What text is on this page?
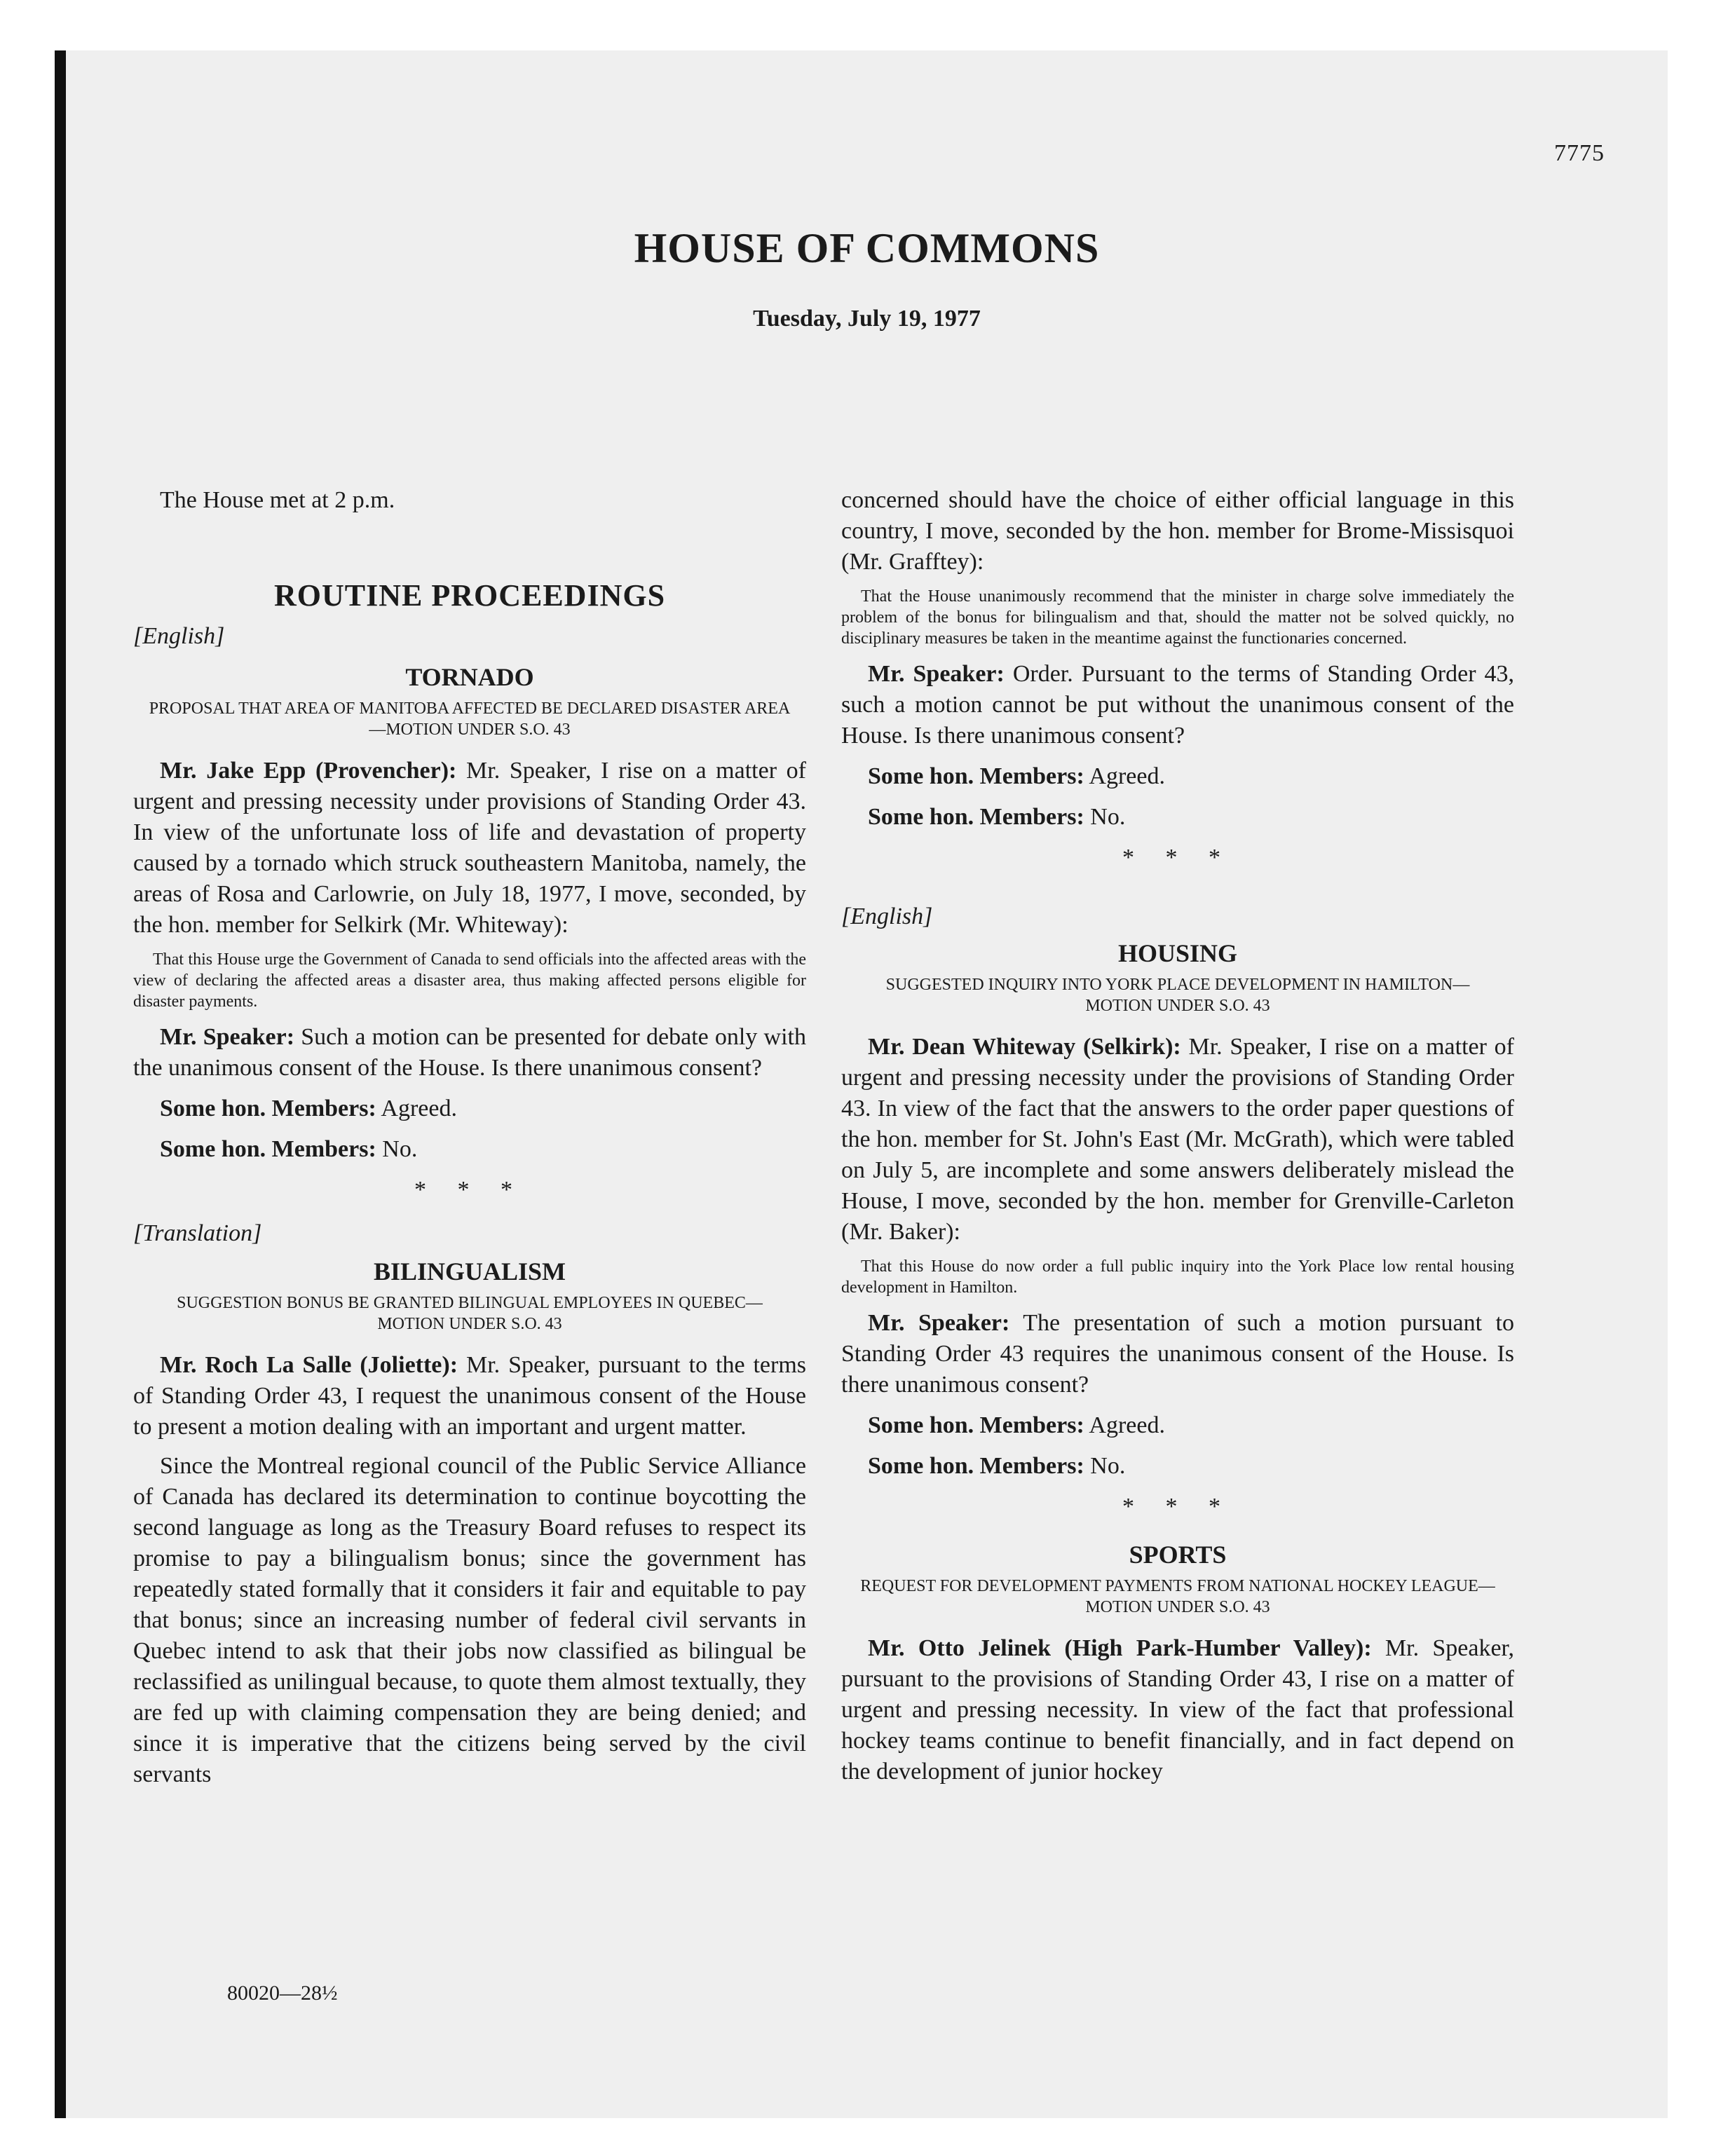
7775
HOUSE OF COMMONS
Tuesday, July 19, 1977

The House met at 2 p.m.

ROUTINE PROCEEDINGS

[English]

TORNADO

PROPOSAL THAT AREA OF MANITOBA AFFECTED BE DECLARED DISASTER AREA—MOTION UNDER S.O. 43

Mr. Jake Epp (Provencher): Mr. Speaker, I rise on a matter of urgent and pressing necessity under provisions of Standing Order 43. In view of the unfortunate loss of life and devastation of property caused by a tornado which struck southeastern Manitoba, namely, the areas of Rosa and Carlowrie, on July 18, 1977, I move, seconded, by the hon. member for Selkirk (Mr. Whiteway):

That this House urge the Government of Canada to send officials into the affected areas with the view of declaring the affected areas a disaster area, thus making affected persons eligible for disaster payments.

Mr. Speaker: Such a motion can be presented for debate only with the unanimous consent of the House. Is there unanimous consent?

Some hon. Members: Agreed.

Some hon. Members: No.

* * *

[Translation]

BILINGUALISM

SUGGESTION BONUS BE GRANTED BILINGUAL EMPLOYEES IN QUEBEC—MOTION UNDER S.O. 43

Mr. Roch La Salle (Joliette): Mr. Speaker, pursuant to the terms of Standing Order 43, I request the unanimous consent of the House to present a motion dealing with an important and urgent matter.

Since the Montreal regional council of the Public Service Alliance of Canada has declared its determination to continue boycotting the second language as long as the Treasury Board refuses to respect its promise to pay a bilingualism bonus; since the government has repeatedly stated formally that it considers it fair and equitable to pay that bonus; since an increasing number of federal civil servants in Quebec intend to ask that their jobs now classified as bilingual be reclassified as unilingual because, to quote them almost textually, they are fed up with claiming compensation they are being denied; and since it is imperative that the citizens being served by the civil servants

concerned should have the choice of either official language in this country, I move, seconded by the hon. member for Brome-Missisquoi (Mr. Grafftey):

That the House unanimously recommend that the minister in charge solve immediately the problem of the bonus for bilingualism and that, should the matter not be solved quickly, no disciplinary measures be taken in the meantime against the functionaries concerned.

Mr. Speaker: Order. Pursuant to the terms of Standing Order 43, such a motion cannot be put without the unanimous consent of the House. Is there unanimous consent?

Some hon. Members: Agreed.

Some hon. Members: No.

* * *

[English]

HOUSING

SUGGESTED INQUIRY INTO YORK PLACE DEVELOPMENT IN HAMILTON—MOTION UNDER S.O. 43

Mr. Dean Whiteway (Selkirk): Mr. Speaker, I rise on a matter of urgent and pressing necessity under the provisions of Standing Order 43. In view of the fact that the answers to the order paper questions of the hon. member for St. John's East (Mr. McGrath), which were tabled on July 5, are incomplete and some answers deliberately mislead the House, I move, seconded by the hon. member for Grenville-Carleton (Mr. Baker):

That this House do now order a full public inquiry into the York Place low rental housing development in Hamilton.

Mr. Speaker: The presentation of such a motion pursuant to Standing Order 43 requires the unanimous consent of the House. Is there unanimous consent?

Some hon. Members: Agreed.

Some hon. Members: No.

* * *

SPORTS

REQUEST FOR DEVELOPMENT PAYMENTS FROM NATIONAL HOCKEY LEAGUE—MOTION UNDER S.O. 43

Mr. Otto Jelinek (High Park-Humber Valley): Mr. Speaker, pursuant to the provisions of Standing Order 43, I rise on a matter of urgent and pressing necessity. In view of the fact that professional hockey teams continue to benefit financially, and in fact depend on the development of junior hockey

80020—28½
